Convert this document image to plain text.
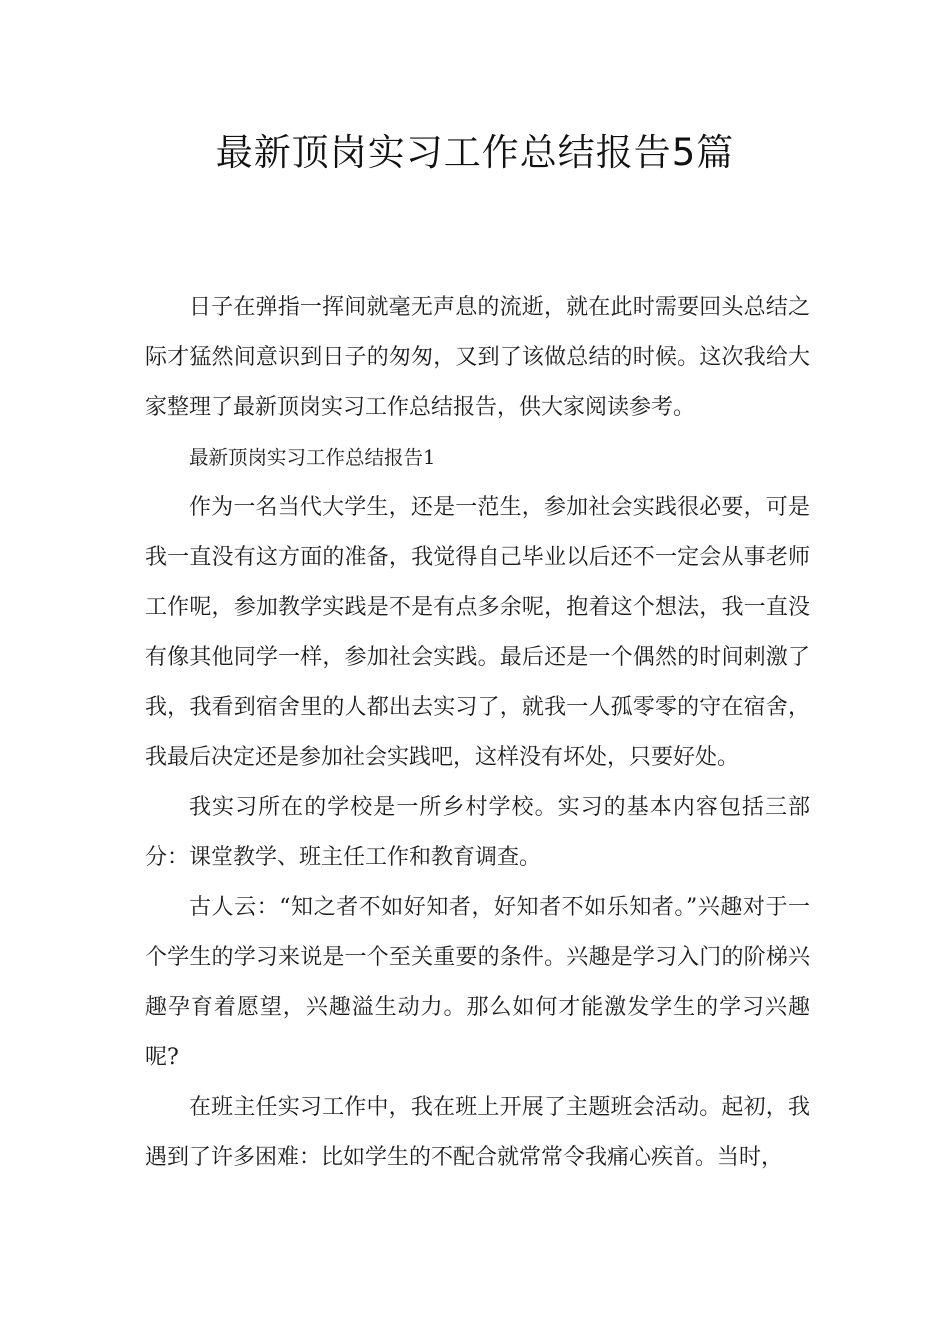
最新顶岗实习工作总结报告5篇

日子在弹指一挥间就毫无声息的流逝，就在此时需要回头总结之际才猛然间意识到日子的匆匆，又到了该做总结的时候。这次我给大家整理了最新顶岗实习工作总结报告，供大家阅读参考。

最新顶岗实习工作总结报告1

作为一名当代大学生，还是一范生，参加社会实践很必要，可是我一直没有这方面的准备，我觉得自己毕业以后还不一定会从事老师工作呢，参加教学实践是不是有点多余呢，抱着这个想法，我一直没有像其他同学一样，参加社会实践。最后还是一个偶然的时间刺激了我，我看到宿舍里的人都出去实习了，就我一人孤零零的守在宿舍，我最后决定还是参加社会实践吧，这样没有坏处，只要好处。

我实习所在的学校是一所乡村学校。实习的基本内容包括三部分：课堂教学、班主任工作和教育调查。

古人云：“知之者不如好知者，好知者不如乐知者。”兴趣对于一个学生的学习来说是一个至关重要的条件。兴趣是学习入门的阶梯兴趣孕育着愿望，兴趣溢生动力。那么如何才能激发学生的学习兴趣呢?

在班主任实习工作中，我在班上开展了主题班会活动。起初，我遇到了许多困难：比如学生的不配合就常常令我痛心疾首。当时，
